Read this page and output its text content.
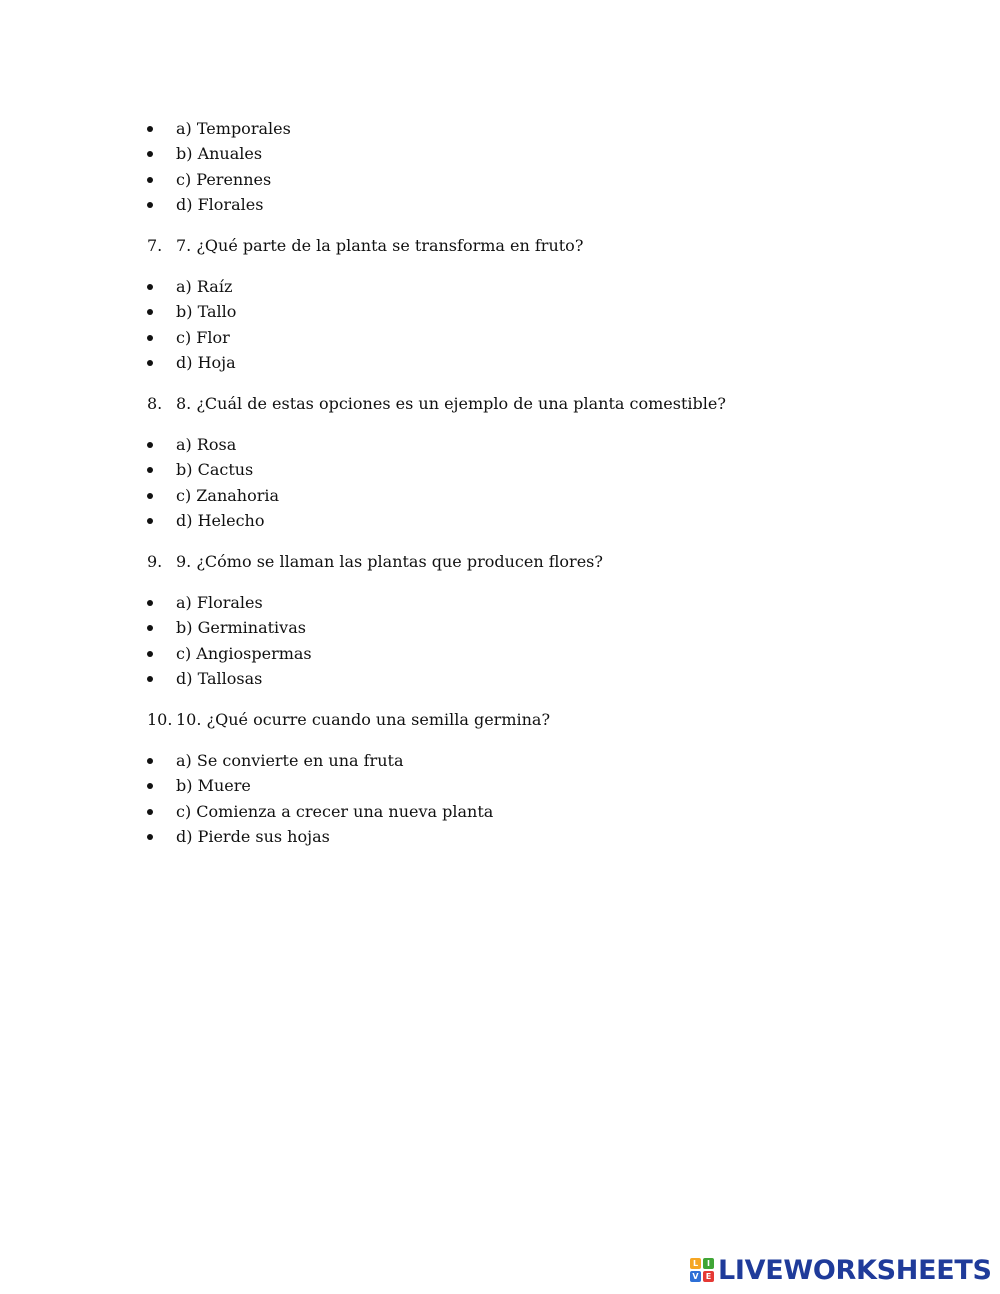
a) Temporales
b) Anuales
c) Perennes
d) Florales
7. 7. ¿Qué parte de la planta se transforma en fruto?
a) Raíz
b) Tallo
c) Flor
d) Hoja
8. 8. ¿Cuál de estas opciones es un ejemplo de una planta comestible?
a) Rosa
b) Cactus
c) Zanahoria
d) Helecho
9. 9. ¿Cómo se llaman las plantas que producen flores?
a) Florales
b) Germinativas
c) Angiospermas
d) Tallosas
10. 10. ¿Qué ocurre cuando una semilla germina?
a) Se convierte en una fruta
b) Muere
c) Comienza a crecer una nueva planta
d) Pierde sus hojas
L	I
V E LIVEWORKSHEETS
